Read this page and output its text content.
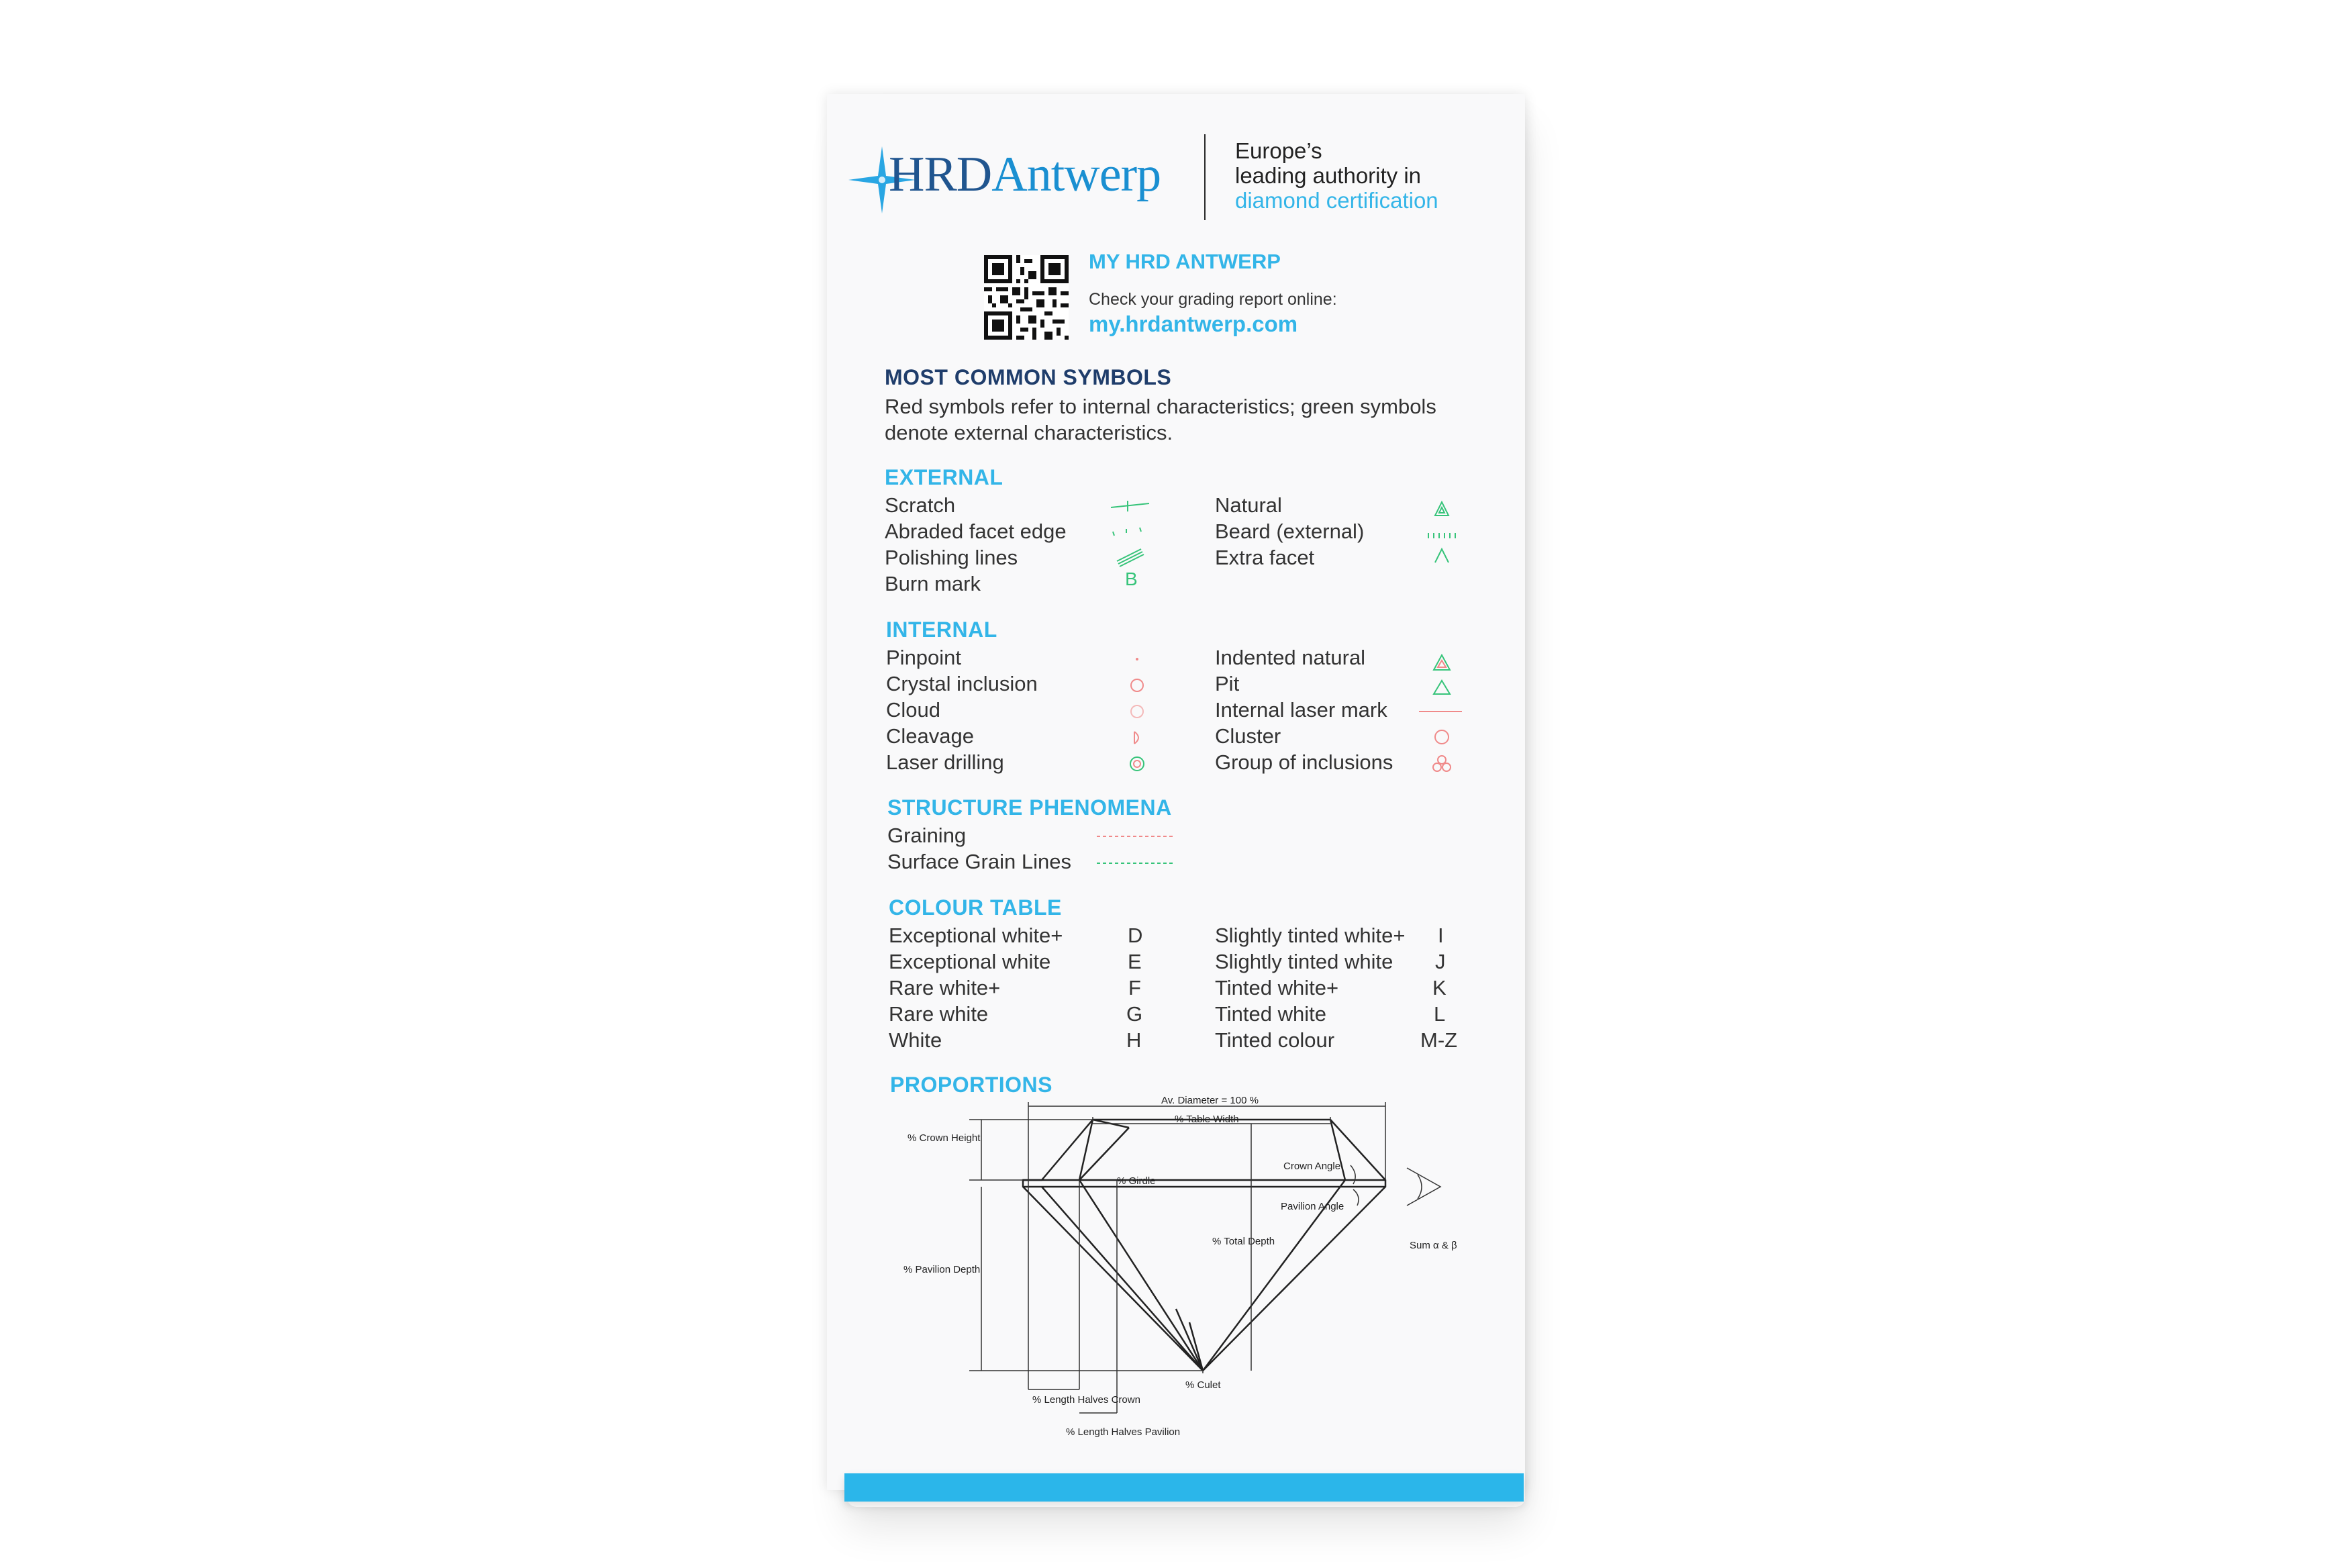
HRDAntwerp	Europe’s
leading authority in
diamond certification
MY HRD ANTWERP
Check your grading report online:
my.hrdantwerp.com
MOST COMMON SYMBOLS
Red symbols refer to internal characteristics; green symbols
denote external characteristics.
EXTERNAL
Scratch
Abraded facet edge
Polishing lines
Burn mark
Natural
Beard (external)
Extra facet
B
INTERNAL
Pinpoint
Crystal inclusion
Cloud
Cleavage
Laser drilling
Indented natural
Pit
Internal laser mark
Cluster
Group of inclusions
STRUCTURE PHENOMENA
Graining
Surface Grain Lines
COLOUR TABLE
Exceptional white+
Exceptional white
Rare white+
Rare white
White
D
E
F
G
H
Slightly tinted white+
Slightly tinted white
Tinted white+
Tinted white
Tinted colour
I
J
K
L
M-Z
PROPORTIONS
Av. Diameter = 100 %
% Table Width
% Crown Height
% Girdle
Crown Angle
Pavilion Angle
% Total Depth	Sum α & β
% Pavilion Depth
% Culet
% Length Halves Crown
% Length Halves Pavilion
